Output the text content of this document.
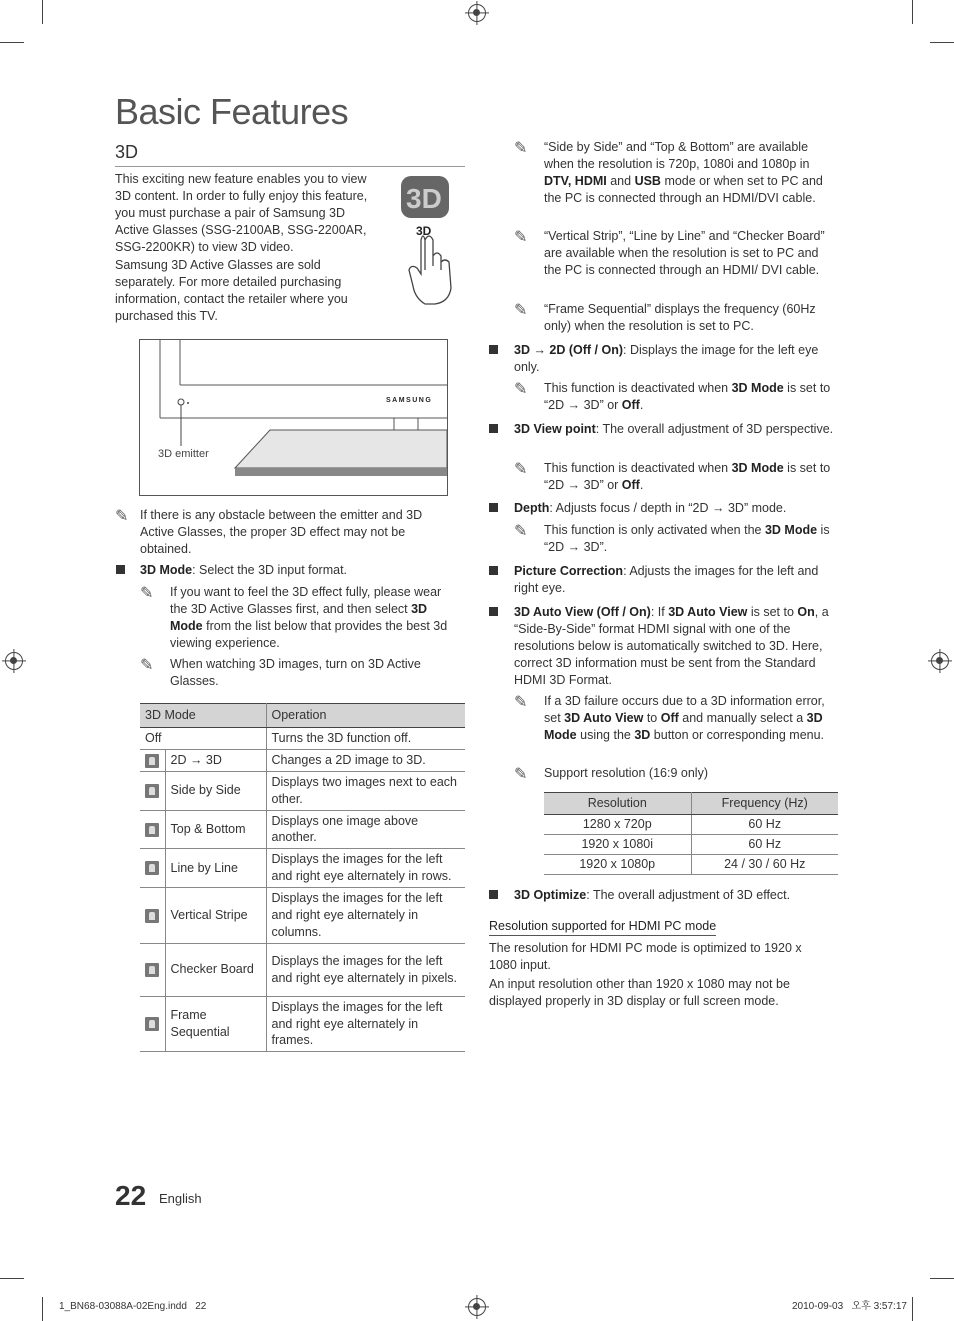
Basic Features
3D
This exciting new feature enables you to view 3D content. In order to fully enjoy this feature, you must purchase a pair of Samsung 3D Active Glasses (SSG-2100AB, SSG-2200AR, SSG-2200KR) to view 3D video.
Samsung 3D Active Glasses are sold separately. For more detailed purchasing information, contact the retailer where you purchased this TV.
3D
3D
SAMSUNG
3D emitter
✎ If there is any obstacle between the emitter and 3D Active Glasses, the proper 3D effect may not be obtained.
3D Mode: Select the 3D input format.
✎ If you want to feel the 3D effect fully, please wear the 3D Active Glasses first, and then select 3D Mode from the list below that provides the best 3d viewing experience.
✎ When watching 3D images, turn on 3D Active Glasses.
3D Mode		Operation
Off		Turns the 3D function off.
	2D → 3D	Changes a 2D image to 3D.
	Side by Side	Displays two images next to each other.
	Top & Bottom	Displays one image above another.
	Line by Line	Displays the images for the left and right eye alternately in rows.
	Vertical Stripe	Displays the images for the left and right eye alternately in columns.
	Checker Board	Displays the images for the left and right eye alternately in pixels.
	Frame Sequential	Displays the images for the left and right eye alternately in frames.
✎ “Side by Side” and “Top & Bottom” are available when the resolution is 720p, 1080i and 1080p in DTV, HDMI and USB mode or when set to PC and the PC is connected through an HDMI/DVI cable.
✎ “Vertical Strip”, “Line by Line” and “Checker Board” are available when the resolution is set to PC and the PC is connected through an HDMI/ DVI cable.
✎ “Frame Sequential” displays the frequency (60Hz only) when the resolution is set to PC.
3D → 2D (Off / On): Displays the image for the left eye only.
✎ This function is deactivated when 3D Mode is set to “2D → 3D” or Off.
3D View point: The overall adjustment of 3D perspective.
✎ This function is deactivated when 3D Mode is set to “2D → 3D” or Off.
Depth: Adjusts focus / depth in “2D → 3D” mode.
✎ This function is only activated when the 3D Mode is “2D → 3D”.
Picture Correction: Adjusts the images for the left and right eye.
3D Auto View (Off / On): If 3D Auto View is set to On, a “Side-By-Side” format HDMI signal with one of the resolutions below is automatically switched to 3D. Here, correct 3D information must be sent from the Standard HDMI 3D Format.
✎ If a 3D failure occurs due to a 3D information error, set 3D Auto View to Off and manually select a 3D Mode using the 3D button or corresponding menu.
✎ Support resolution (16:9 only)
Resolution	Frequency (Hz)
1280 x 720p	60 Hz
1920 x 1080i	60 Hz
1920 x 1080p	24 / 30 / 60 Hz
3D Optimize: The overall adjustment of 3D effect.
Resolution supported for HDMI PC mode
The resolution for HDMI PC mode is optimized to 1920 x 1080 input.
An input resolution other than 1920 x 1080 may not be displayed properly in 3D display or full screen mode.
22 English
1_BN68-03088A-02Eng.indd   22	2010-09-03   오후 3:57:17
